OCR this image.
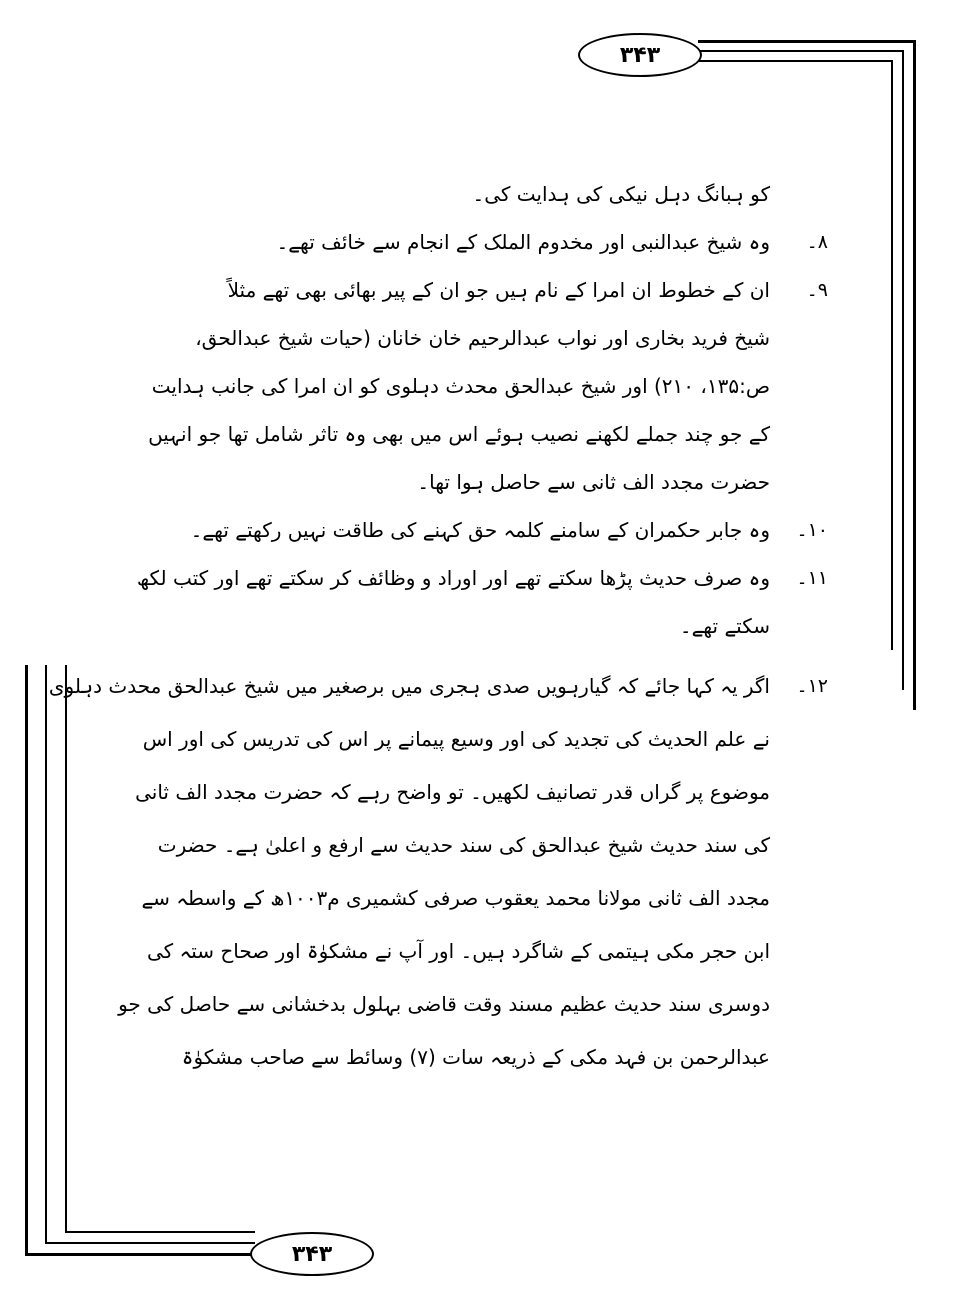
۳۴۳
۳۴۳
کو ہبانگ دہل نیکی کی ہدایت کی۔
۸۔
وہ شیخ عبدالنبی اور مخدوم الملک کے انجام سے خائف تھے۔
۹۔
ان کے خطوط ان امرا کے نام ہیں جو ان کے پیر بھائی بھی تھے مثلاً
شیخ فرید بخاری اور نواب عبدالرحیم خان خانان (حیات شیخ عبدالحق،
ص:۱۳۵، ۲۱۰) اور شیخ عبدالحق محدث دہلوی کو ان امرا کی جانب ہدایت
کے جو چند جملے لکھنے نصیب ہوئے اس میں بھی وہ تاثر شامل تھا جو انہیں
حضرت مجدد الف ثانی سے حاصل ہوا تھا۔
۱۰۔
وہ جابر حکمران کے سامنے کلمہ حق کہنے کی طاقت نہیں رکھتے تھے۔
۱۱۔
وہ صرف حدیث پڑھا سکتے تھے اور اوراد و وظائف کر سکتے تھے اور کتب لکھ
سکتے تھے۔
۱۲۔
اگر یہ کہا جائے کہ گیارہویں صدی ہجری میں برصغیر میں شیخ عبدالحق محدث دہلوی
نے علم الحدیث کی تجدید کی اور وسیع پیمانے پر اس کی تدریس کی اور اس
موضوع پر گراں قدر تصانیف لکھیں۔ تو واضح رہے کہ حضرت مجدد الف ثانی
کی سند حدیث شیخ عبدالحق کی سند حدیث سے ارفع و اعلیٰ ہے۔ حضرت
مجدد الف ثانی مولانا محمد یعقوب صرفی کشمیری م۱۰۰۳ھ کے واسطہ سے
ابن حجر مکی ہیتمی کے شاگرد ہیں۔ اور آپ نے مشکوٰۃ اور صحاح ستہ کی
دوسری سند حدیث عظیم مسند وقت قاضی بہلول بدخشانی سے حاصل کی جو
عبدالرحمن بن فہد مکی کے ذریعہ سات (۷) وسائط سے صاحب مشکوٰۃ
